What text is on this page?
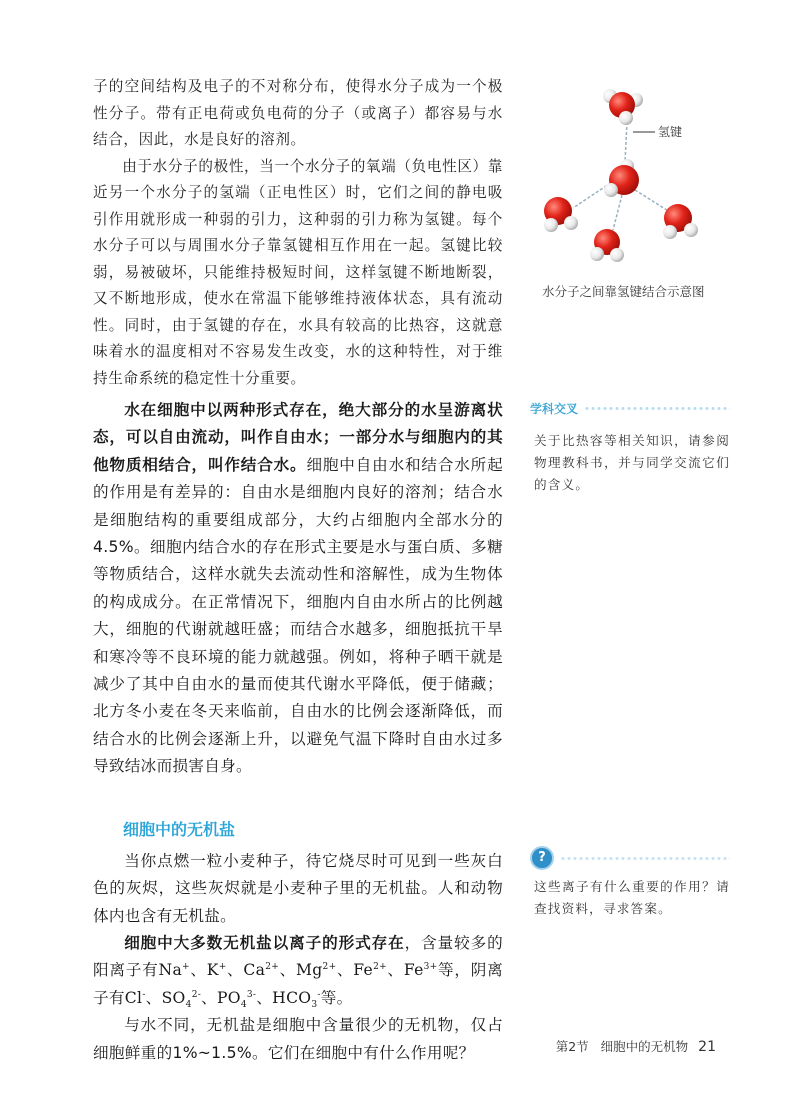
子的空间结构及电子的不对称分布，使得水分子成为一个极性分子。带有正电荷或负电荷的分子（或离子）都容易与水结合，因此，水是良好的溶剂。

由于水分子的极性，当一个水分子的氧端（负电性区）靠近另一个水分子的氢端（正电性区）时，它们之间的静电吸引作用就形成一种弱的引力，这种弱的引力称为氢键。每个水分子可以与周围水分子靠氢键相互作用在一起。氢键比较弱，易被破坏，只能维持极短时间，这样氢键不断地断裂，又不断地形成，使水在常温下能够维持液体状态，具有流动性。同时，由于氢键的存在，水具有较高的比热容，这就意味着水的温度相对不容易发生改变，水的这种特性，对于维持生命系统的稳定性十分重要。

水在细胞中以两种形式存在，绝大部分的水呈游离状态，可以自由流动，叫作自由水；一部分水与细胞内的其他物质相结合，叫作结合水。细胞中自由水和结合水所起的作用是有差异的：自由水是细胞内良好的溶剂；结合水是细胞结构的重要组成部分，大约占细胞内全部水分的4.5%。细胞内结合水的存在形式主要是水与蛋白质、多糖等物质结合，这样水就失去流动性和溶解性，成为生物体的构成成分。在正常情况下，细胞内自由水所占的比例越大，细胞的代谢就越旺盛；而结合水越多，细胞抵抗干旱和寒冷等不良环境的能力就越强。例如，将种子晒干就是减少了其中自由水的量而使其代谢水平降低，便于储藏；北方冬小麦在冬天来临前，自由水的比例会逐渐降低，而结合水的比例会逐渐上升，以避免气温下降时自由水过多导致结冰而损害自身。

细胞中的无机盐

当你点燃一粒小麦种子，待它烧尽时可见到一些灰白色的灰烬，这些灰烬就是小麦种子里的无机盐。人和动物体内也含有无机盐。

细胞中大多数无机盐以离子的形式存在，含量较多的阳离子有Na+、K+、$Ca^{2+}$、$Mg^{2+}$、$Fe^{2+}$、$Fe^{3+}$等，阴离子有Cl-、$SO_4^{2-}$、$PO_4^{3-}$、$HCO_3^-$等。

与水不同，无机盐是细胞中含量很少的无机物，仅占细胞鲜重的1%~1.5%。它们在细胞中有什么作用呢？

氢键
水分子之间靠氢键结合示意图
学科交叉
关于比热容等相关知识，请参阅物理教科书，并与同学交流它们的含义。
?
这些离子有什么重要的作用？请查找资料，寻求答案。
第2节 细胞中的无机物 21
